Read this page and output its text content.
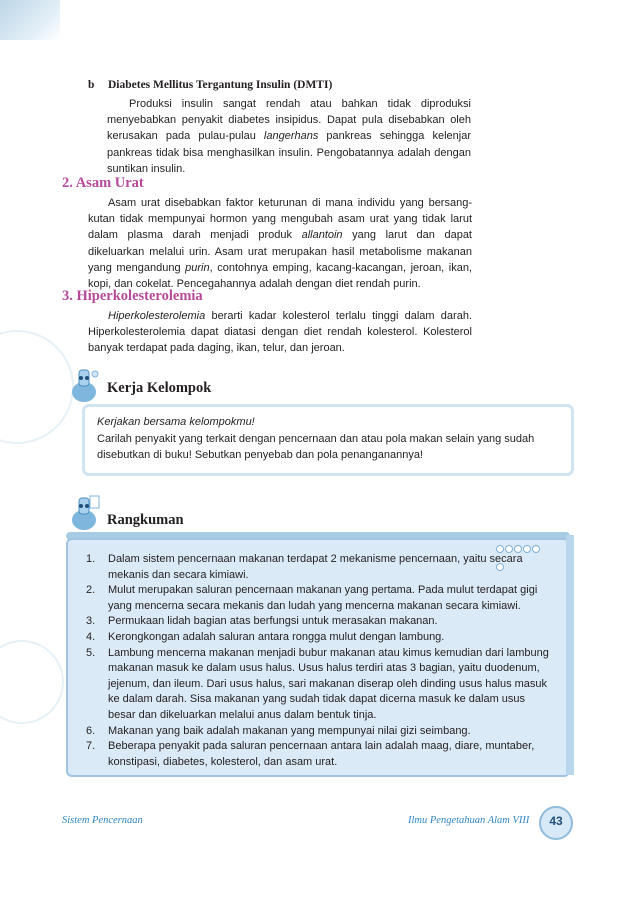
b Diabetes Mellitus Tergantung Insulin (DMTI)

Produksi insulin sangat rendah atau bahkan tidak diproduksi menyebabkan penyakit diabetes insipidus. Dapat pula disebabkan oleh kerusakan pada pulau-pulau langerhans pankreas sehingga kelenjar pankreas tidak bisa menghasilkan insulin. Pengobatannya adalah dengan suntikan insulin.

2. Asam Urat

Asam urat disebabkan faktor keturunan di mana individu yang bersang-kutan tidak mempunyai hormon yang mengubah asam urat yang tidak larut dalam plasma darah menjadi produk allantoin yang larut dan dapat dikeluarkan melalui urin. Asam urat merupakan hasil metabolisme makanan yang mengandung purin, contohnya emping, kacang-kacangan, jeroan, ikan, kopi, dan cokelat. Pencegahannya adalah dengan diet rendah purin.

3. Hiperkolesterolemia

Hiperkolesterolemia berarti kadar kolesterol terlalu tinggi dalam darah. Hiperkolesterolemia dapat diatasi dengan diet rendah kolesterol. Kolesterol banyak terdapat pada daging, ikan, telur, dan jeroan.

Kerja Kelompok
Kerjakan bersama kelompokmu!
Carilah penyakit yang terkait dengan pencernaan dan atau pola makan selain yang sudah disebutkan di buku! Sebutkan penyebab dan pola penanganannya!
Rangkuman
1. Dalam sistem pencernaan makanan terdapat 2 mekanisme pencernaan, yaitu secara mekanis dan secara kimiawi.
2. Mulut merupakan saluran pencernaan makanan yang pertama. Pada mulut terdapat gigi yang mencerna secara mekanis dan ludah yang mencerna makanan secara kimiawi.
3. Permukaan lidah bagian atas berfungsi untuk merasakan makanan.
4. Kerongkongan adalah saluran antara rongga mulut dengan lambung.
5. Lambung mencerna makanan menjadi bubur makanan atau kimus kemudian dari lambung makanan masuk ke dalam usus halus. Usus halus terdiri atas 3 bagian, yaitu duodenum, jejenum, dan ileum. Dari usus halus, sari makanan diserap oleh dinding usus halus masuk ke dalam darah. Sisa makanan yang sudah tidak dapat dicerna masuk ke dalam usus besar dan dikeluarkan melalui anus dalam bentuk tinja.
6. Makanan yang baik adalah makanan yang mempunyai nilai gizi seimbang.
7. Beberapa penyakit pada saluran pencernaan antara lain adalah maag, diare, muntaber, konstipasi, diabetes, kolesterol, dan asam urat.
Sistem Pencernaan	Ilmu Pengetahuan Alam VIII	43
